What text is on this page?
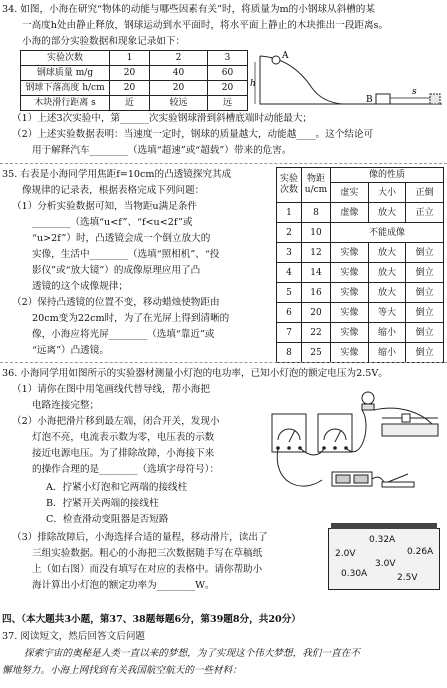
34. 如图，小海在研究“物体的动能与哪些因素有关”时，将质量为m的小钢球从斜槽的某
一高度h处由静止释放，钢球运动到水平面时，将水平面上静止的木块推出一段距离s。
小海的部分实验数据和现象记录如下：
实验次数	1	2	3
钢球质量 m/g	20	40	60
钢球下落高度 h/cm	20	20	20
木块滑行距离 s	近	较远	远
A
h
B
s
（1）上述3次实验中，第______次实验钢球滑到斜槽底端时动能最大；
（2）上述实验数据表明：当速度一定时，钢球的质量越大，动能越____。这个结论可
用于解释汽车________（选填“超速”或“超载”）带来的危害。
35. 右表是小海同学用焦距f=10cm的凸透镜探究其成
像规律的记录表，根据表格完成下列问题：
（1）分析实验数据可知，当物距u满足条件
________（选填“u<f”、“f<u<2f”或
“u>2f”）时，凸透镜会成一个倒立放大的
实像，生活中________（选填“照相机”、“投
影仪”或“放大镜”）的成像原理应用了凸
透镜的这个成像规律；
（2）保持凸透镜的位置不变，移动蜡烛使物距由
20cm变为22cm时，为了在光屏上得到清晰的
像，小海应将光屏________（选填“靠近”或
“远离”）凸透镜。
实验次数	物距u/cm	像的性质		
		虚实	大小	正倒
1	8	虚像	放大	正立
2	10	不能成像		
3	12	实像	放大	倒立
4	14	实像	放大	倒立
5	16	实像	放大	倒立
6	20	实像	等大	倒立
7	22	实像	缩小	倒立
8	25	实像	缩小	倒立
36. 小海同学用如图所示的实验器材测量小灯泡的电功率，已知小灯泡的额定电压为2.5V。
（1）请你在图中用笔画线代替导线，帮小海把
电路连接完整；
（2）小海把滑片移到最左端，闭合开关，发现小
灯泡不亮，电流表示数为零，电压表的示数
接近电源电压。为了排除故障，小海接下来
的操作合理的是________（选填字母符号）：
A．拧紧小灯泡和它两端的接线柱
B．拧紧开关两端的接线柱
C．检查滑动变阻器是否短路
（3）排除故障后，小海选择合适的量程，移动滑片，读出了
三组实验数据。粗心的小海把三次数据随手写在草稿纸
上（如右图）而没有填写在对应的表格中。请你帮助小
海计算出小灯泡的额定功率为________W。
0.32A
2.0V	0.26A
3.0V
0.30A	2.5V
四、（本大题共3小题，第37、38题每题6分，第39题8分，共20分）
37. 阅读短文，然后回答文后问题
探索宇宙的奥秘是人类一直以来的梦想，为了实现这个伟大梦想，我们一直在不
懈地努力。小海上网找到有关我国航空航天的一些材料：
